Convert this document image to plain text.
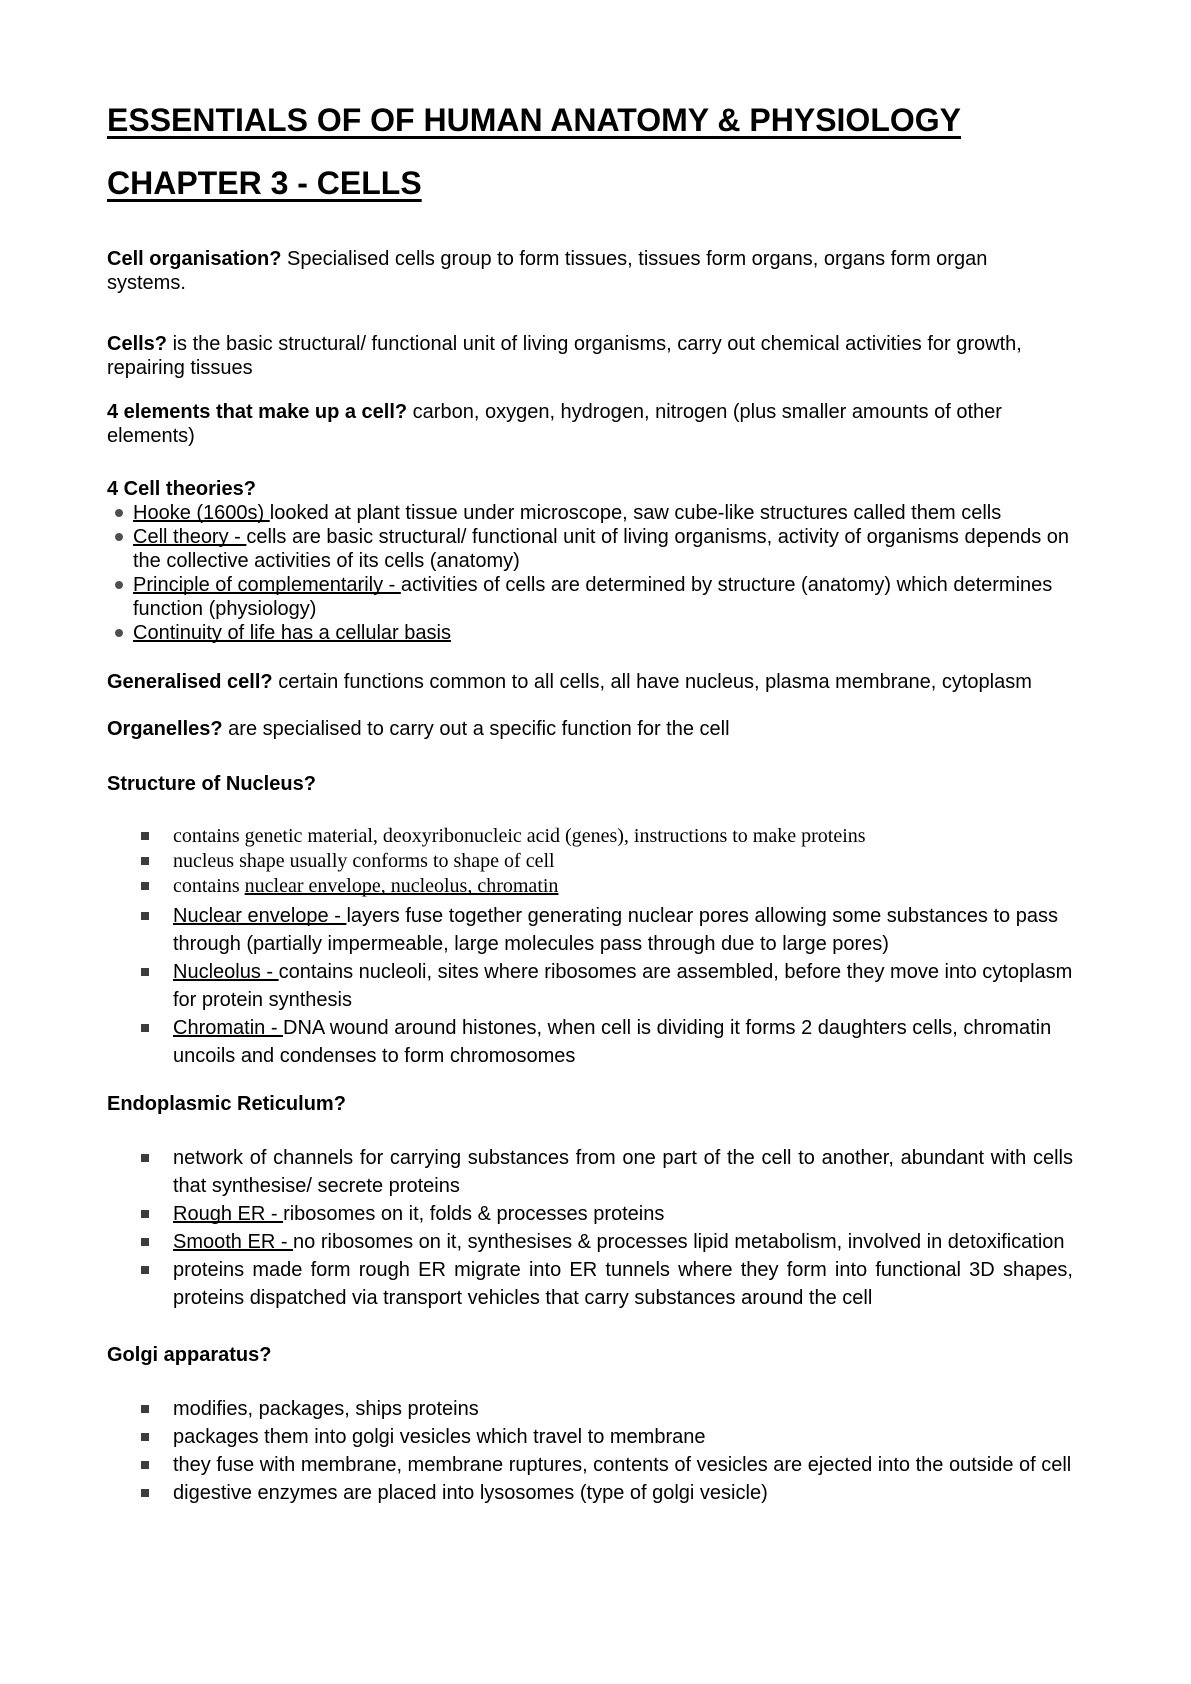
ESSENTIALS OF OF HUMAN ANATOMY & PHYSIOLOGY
CHAPTER 3 - CELLS

Cell organisation? Specialised cells group to form tissues, tissues form organs, organs form organ systems.

Cells? is the basic structural/ functional unit of living organisms, carry out chemical activities for growth, repairing tissues

4 elements that make up a cell? carbon, oxygen, hydrogen, nitrogen (plus smaller amounts of other elements)

4 Cell theories?

Hooke (1600s) looked at plant tissue under microscope, saw cube-like structures called them cells
Cell theory - cells are basic structural/ functional unit of living organisms, activity of organisms depends on the collective activities of its cells (anatomy)
Principle of complementarily - activities of cells are determined by structure (anatomy) which determines function (physiology)
Continuity of life has a cellular basis

Generalised cell? certain functions common to all cells, all have nucleus, plasma membrane, cytoplasm

Organelles? are specialised to carry out a specific function for the cell

Structure of Nucleus?

contains genetic material, deoxyribonucleic acid (genes), instructions to make proteins
nucleus shape usually conforms to shape of cell
contains nuclear envelope, nucleolus, chromatin
Nuclear envelope - layers fuse together generating nuclear pores allowing some substances to pass through (partially impermeable, large molecules pass through due to large pores)
Nucleolus - contains nucleoli, sites where ribosomes are assembled, before they move into cytoplasm for protein synthesis
Chromatin - DNA wound around histones, when cell is dividing it forms 2 daughters cells, chromatin uncoils and condenses to form chromosomes

Endoplasmic Reticulum?

network of channels for carrying substances from one part of the cell to another, abundant with cells that synthesise/ secrete proteins
Rough ER - ribosomes on it, folds & processes proteins
Smooth ER - no ribosomes on it, synthesises & processes lipid metabolism, involved in detoxification
proteins made form rough ER migrate into ER tunnels where they form into functional 3D shapes, proteins dispatched via transport vehicles that carry substances around the cell

Golgi apparatus?

modifies, packages, ships proteins
packages them into golgi vesicles which travel to membrane
they fuse with membrane, membrane ruptures, contents of vesicles are ejected into the outside of cell
digestive enzymes are placed into lysosomes (type of golgi vesicle)
